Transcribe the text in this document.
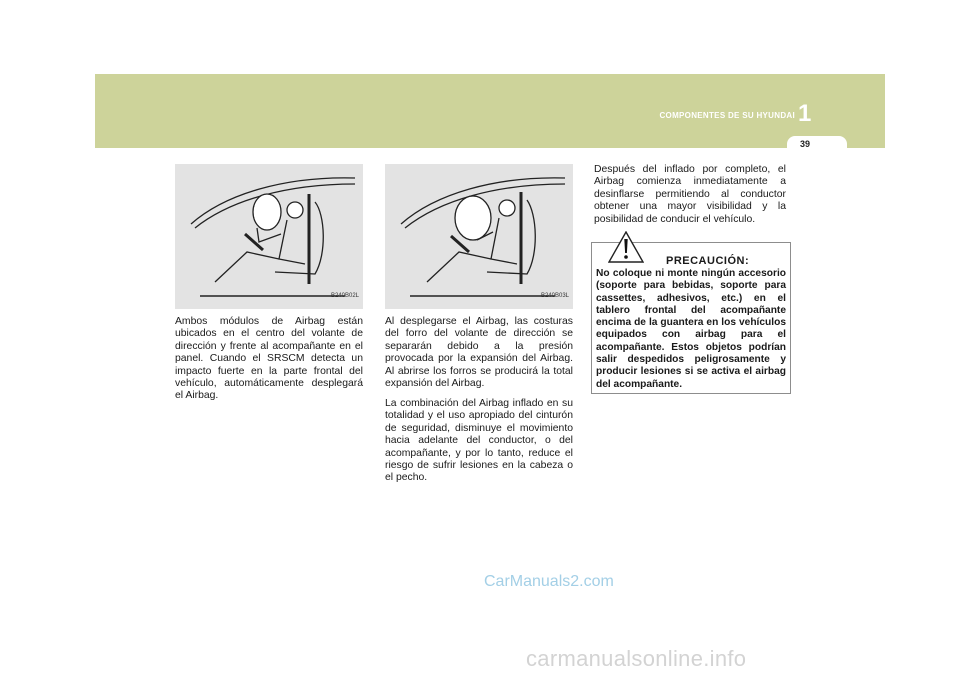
COMPONENTES DE SU HYUNDAI 1
39
B240B02L	B240B03L

Ambos módulos de Airbag están ubicados en el centro del volante de dirección y frente al acompañante en el panel. Cuando el SRSCM detecta un impacto fuerte en la parte frontal del vehículo, automáticamente desplegará el Airbag.

Al desplegarse el Airbag, las costuras del forro del volante de dirección se separarán debido a la presión provocada por la expansión del Airbag. Al abrirse los forros se producirá la total expansión del Airbag.

La combinación del Airbag inflado en su totalidad y el uso apropiado del cinturón de seguridad, disminuye el movimiento hacia adelante del conductor, o del acompañante, y por lo tanto, reduce el riesgo de sufrir lesiones en la cabeza o el pecho.

Después del inflado por completo, el Airbag comienza inmediatamente a desinflarse permitiendo al conductor obtener una mayor visibilidad y la posibilidad de conducir el vehículo.

PRECAUCIÓN:

No coloque ni monte ningún accesorio (soporte para bebidas, soporte para cassettes, adhesivos, etc.) en el tablero frontal del acompañante encima de la guantera en los vehículos equipados con airbag para el acompañante. Estos objetos podrían salir despedidos peligrosamente y producir lesiones si se activa el airbag del acompañante.

CarManuals2.com
carmanualsonline.info
